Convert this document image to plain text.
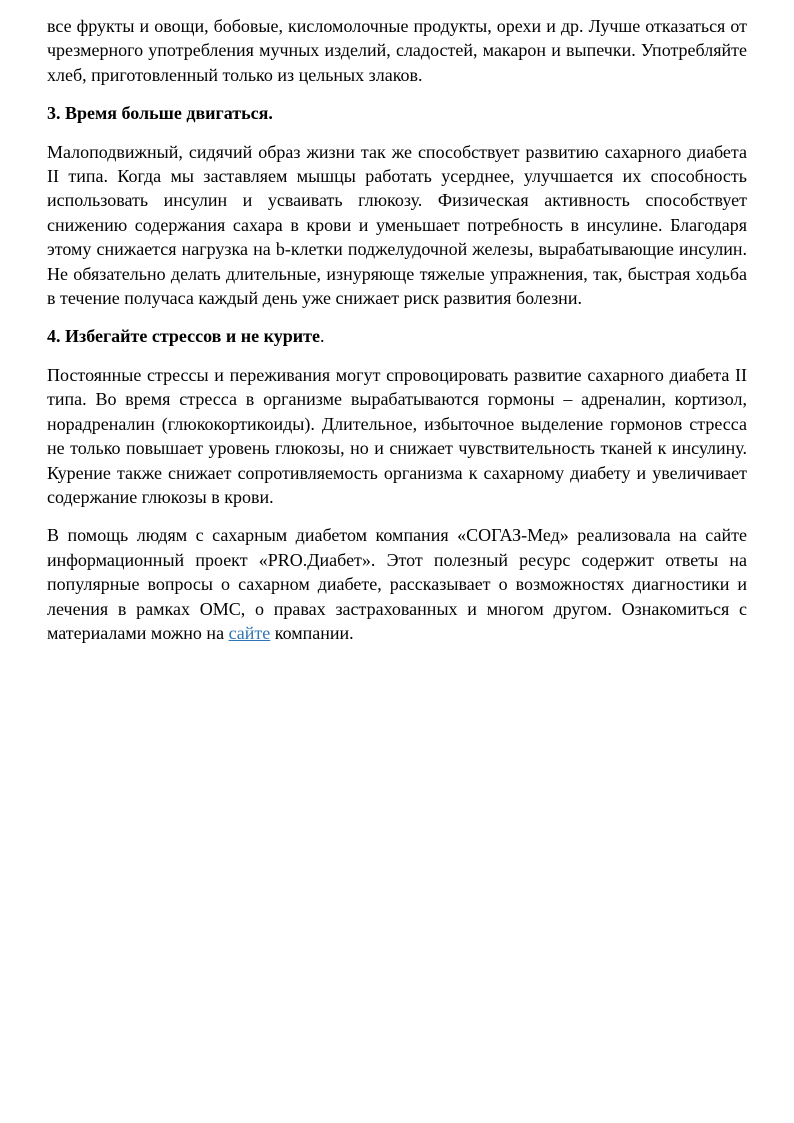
все фрукты и овощи, бобовые, кисломолочные продукты, орехи и др. Лучше отказаться от чрезмерного употребления мучных изделий, сладостей, макарон и выпечки. Употребляйте хлеб, приготовленный только из цельных злаков.

3. Время больше двигаться.

Малоподвижный, сидячий образ жизни так же способствует развитию сахарного диабета II типа. Когда мы заставляем мышцы работать усерднее, улучшается их способность использовать инсулин и усваивать глюкозу. Физическая активность способствует снижению содержания сахара в крови и уменьшает потребность в инсулине. Благодаря этому снижается нагрузка на b-клетки поджелудочной железы, вырабатывающие инсулин. Не обязательно делать длительные, изнуряюще тяжелые упражнения, так, быстрая ходьба в течение получаса каждый день уже снижает риск развития болезни.

4. Избегайте стрессов и не курите.

Постоянные стрессы и переживания могут спровоцировать развитие сахарного диабета II типа. Во время стресса в организме вырабатываются гормоны – адреналин, кортизол, норадреналин (глюкокортикоиды). Длительное, избыточное выделение гормонов стресса не только повышает уровень глюкозы, но и снижает чувствительность тканей к инсулину. Курение также снижает сопротивляемость организма к сахарному диабету и увеличивает содержание глюкозы в крови.

В помощь людям с сахарным диабетом компания «СОГАЗ-Мед» реализовала на сайте информационный проект «PRO.Диабет». Этот полезный ресурс содержит ответы на популярные вопросы о сахарном диабете, рассказывает о возможностях диагностики и лечения в рамках ОМС, о правах застрахованных и многом другом. Ознакомиться с материалами можно на сайте компании.
